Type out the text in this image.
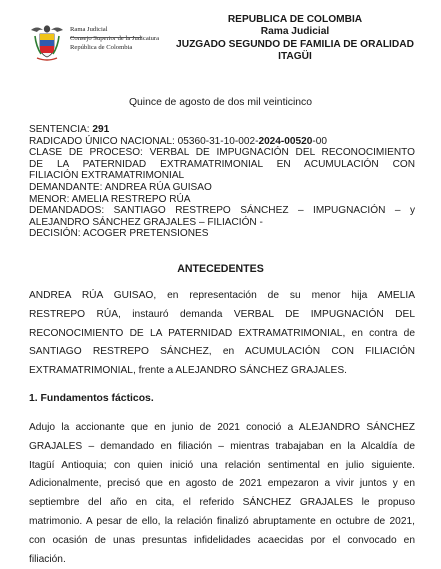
Rama Judicial
Consejo Superior de la Judicatura
República de Colombia
REPUBLICA DE COLOMBIA
Rama Judicial
JUZGADO SEGUNDO DE FAMILIA DE ORALIDAD
ITAGÜI
Quince de agosto de dos mil veinticinco
SENTENCIA: 291
RADICADO ÚNICO NACIONAL: 05360-31-10-002-2024-00520-00
CLASE DE PROCESO: VERBAL DE IMPUGNACIÓN DEL RECONOCIMIENTO
DE LA PATERNIDAD EXTRAMATRIMONIAL EN ACUMULACIÓN CON
FILIACIÓN EXTRAMATRIMONIAL
DEMANDANTE: ANDREA RÚA GUISAO
MENOR: AMELIA RESTREPO RÚA
DEMANDADOS: SANTIAGO RESTREPO SÁNCHEZ – IMPUGNACIÓN – y
ALEJANDRO SÁNCHEZ GRAJALES – FILIACIÓN -
DECISIÓN: ACOGER PRETENSIONES
ANTECEDENTES
ANDREA RÚA GUISAO, en representación de su menor hija AMELIA
RESTREPO RÚA, instauró demanda VERBAL DE IMPUGNACIÓN DEL
RECONOCIMIENTO DE LA PATERNIDAD EXTRAMATRIMONIAL, en contra de
SANTIAGO RESTREPO SÁNCHEZ, en ACUMULACIÓN CON FILIACIÓN
EXTRAMATRIMONIAL, frente a ALEJANDRO SÁNCHEZ GRAJALES.
1. Fundamentos fácticos.
Adujo la accionante que en junio de 2021 conoció a ALEJANDRO SÁNCHEZ
GRAJALES – demandado en filiación – mientras trabajaban en la Alcaldía de
Itagüí Antioquia; con quien inició una relación sentimental en julio siguiente.
Adicionalmente, precisó que en agosto de 2021 empezaron a vivir juntos y en
septiembre del año en cita, el referido SÁNCHEZ GRAJALES le propuso
matrimonio. A pesar de ello, la relación finalizó abruptamente en octubre de 2021,
con ocasión de unas presuntas infidelidades acaecidas por el convocado en
filiación.
